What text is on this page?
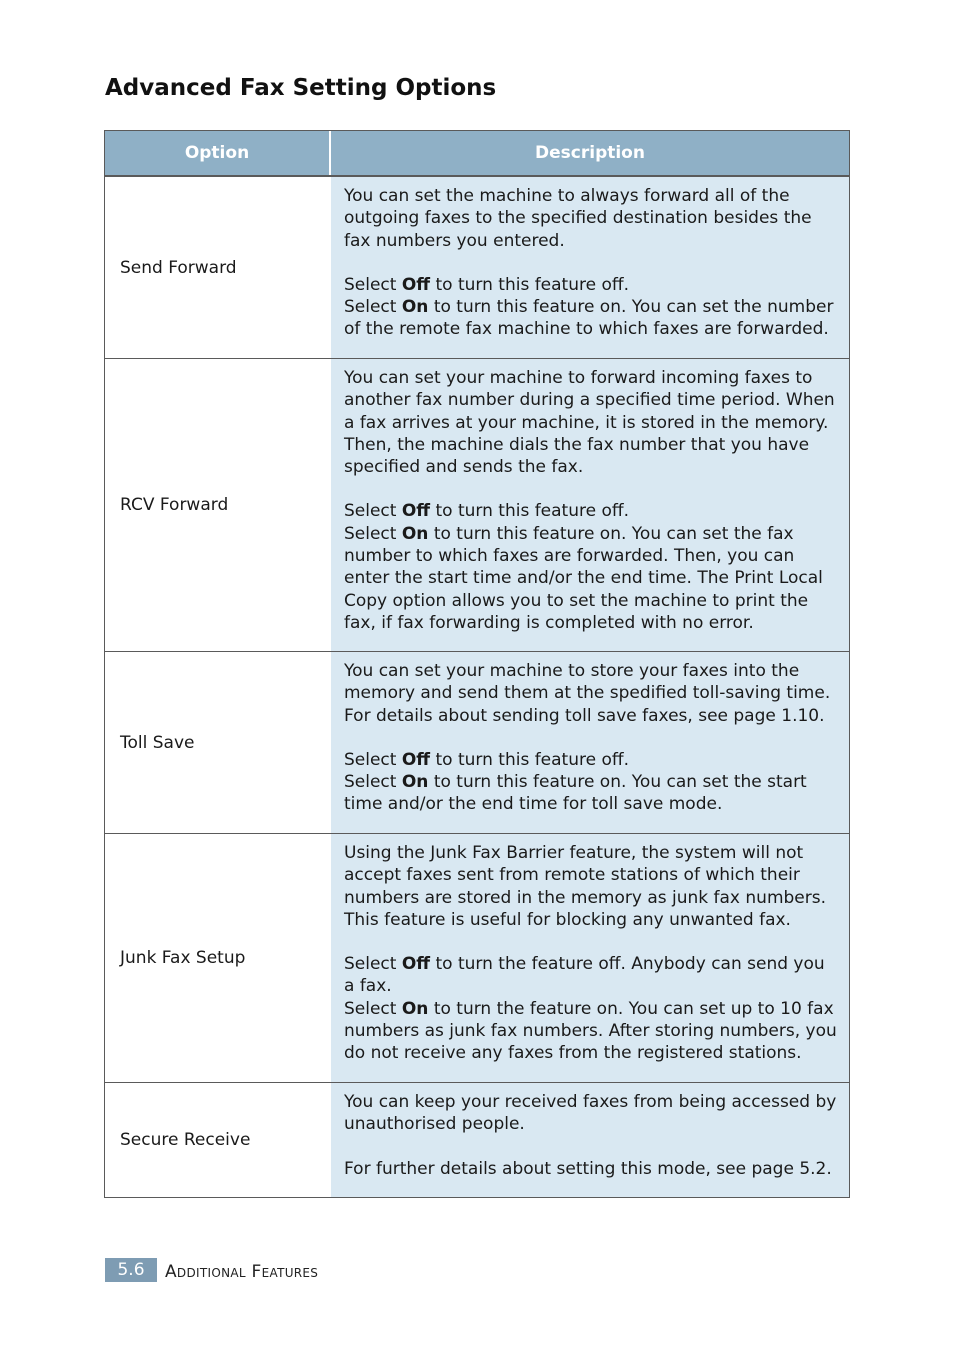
Advanced Fax Setting Options
Option	Description
Send Forward

You can set the machine to always forward all of the outgoing faxes to the specified destination besides the fax numbers you entered.

Select Off to turn this feature off.

Select On to turn this feature on. You can set the number of the remote fax machine to which faxes are forwarded.

RCV Forward

You can set your machine to forward incoming faxes to another fax number during a specified time period. When a fax arrives at your machine, it is stored in the memory. Then, the machine dials the fax number that you have specified and sends the fax.

Select Off to turn this feature off.

Select On to turn this feature on. You can set the fax number to which faxes are forwarded. Then, you can enter the start time and/or the end time. The Print Local Copy option allows you to set the machine to print the fax, if fax forwarding is completed with no error.

Toll Save

You can set your machine to store your faxes into the memory and send them at the spedified toll-saving time. For details about sending toll save faxes, see page 1.10.

Select Off to turn this feature off.

Select On to turn this feature on. You can set the start time and/or the end time for toll save mode.

Junk Fax Setup

Using the Junk Fax Barrier feature, the system will not accept faxes sent from remote stations of which their numbers are stored in the memory as junk fax numbers. This feature is useful for blocking any unwanted fax.

Select Off to turn the feature off. Anybody can send you a fax.

Select On to turn the feature on. You can set up to 10 fax numbers as junk fax numbers. After storing numbers, you do not receive any faxes from the registered stations.

Secure Receive

You can keep your received faxes from being accessed by unauthorised people.

For further details about setting this mode, see page 5.2.

5.6	Additional Features
